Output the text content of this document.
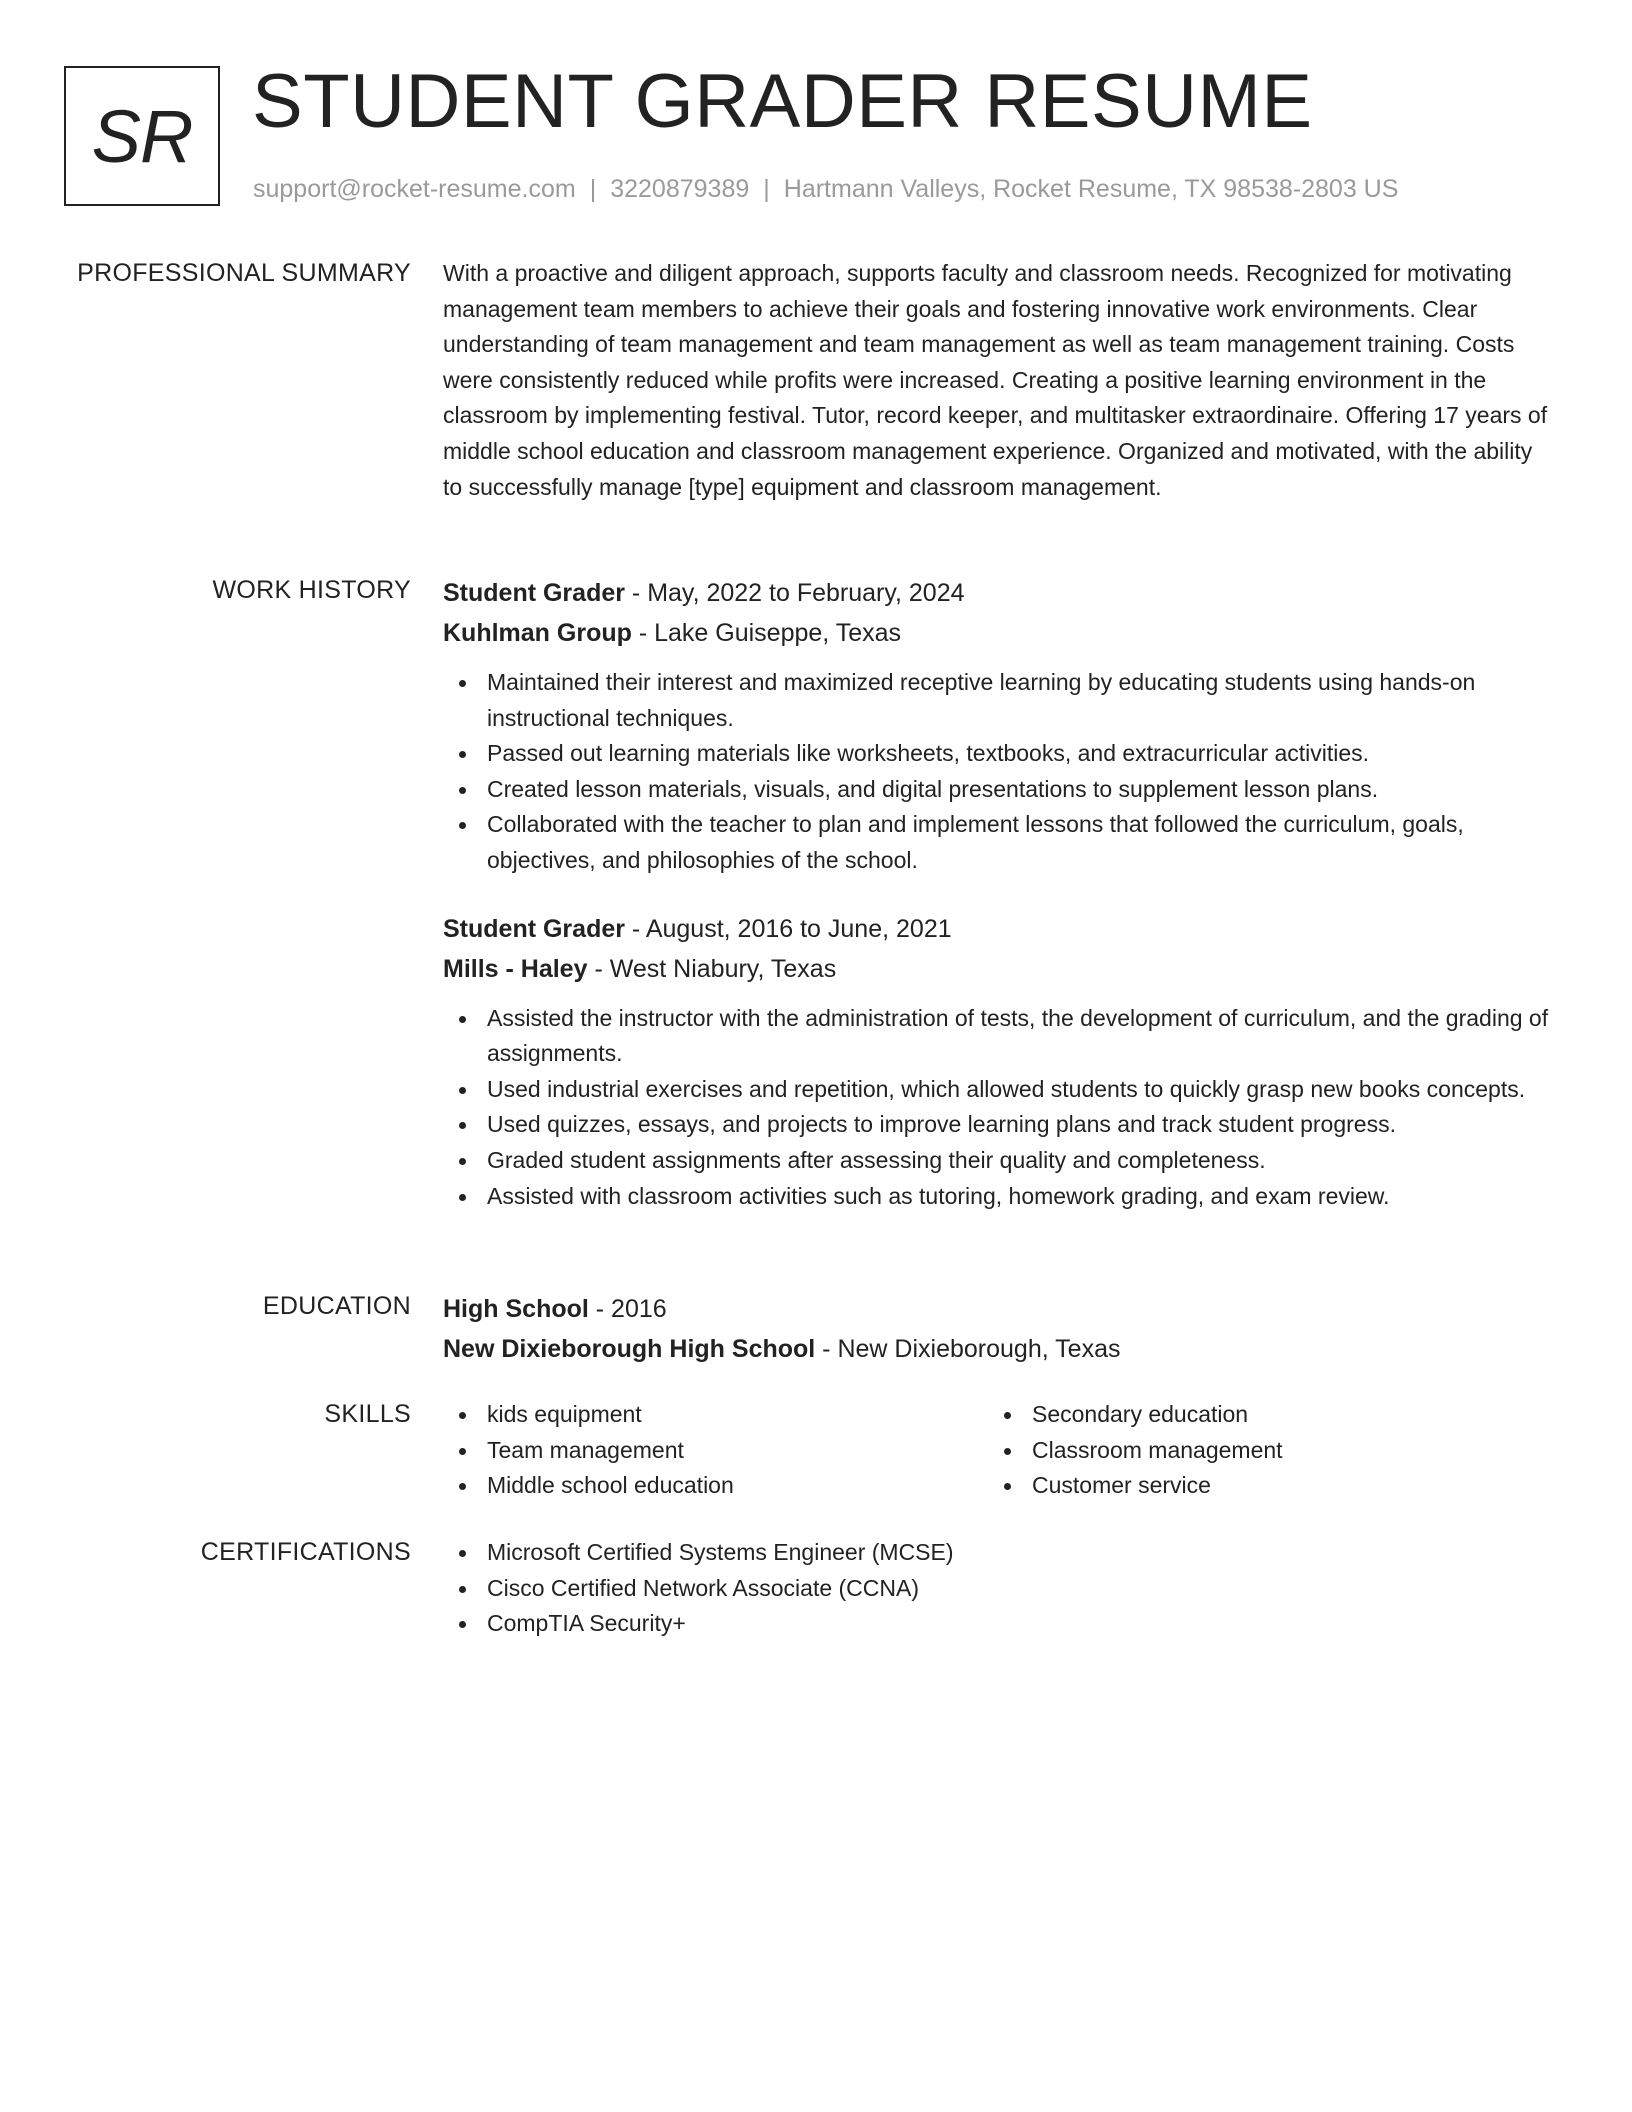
SR STUDENT GRADER RESUME
support@rocket-resume.com | 3220879389 | Hartmann Valleys, Rocket Resume, TX 98538-2803 US
PROFESSIONAL SUMMARY With a proactive and diligent approach, supports faculty and classroom needs. Recognized for motivating management team members to achieve their goals and fostering innovative work environments. Clear understanding of team management and team management as well as team management training. Costs were consistently reduced while profits were increased. Creating a positive learning environment in the classroom by implementing festival. Tutor, record keeper, and multitasker extraordinaire. Offering 17 years of middle school education and classroom management experience. Organized and motivated, with the ability to successfully manage [type] equipment and classroom management.

WORK HISTORY Student Grader - May, 2022 to February, 2024
Kuhlman Group - Lake Guiseppe, Texas
Maintained their interest and maximized receptive learning by educating students using hands-on instructional techniques.
Passed out learning materials like worksheets, textbooks, and extracurricular activities.
Created lesson materials, visuals, and digital presentations to supplement lesson plans.
Collaborated with the teacher to plan and implement lessons that followed the curriculum, goals, objectives, and philosophies of the school.
Student Grader - August, 2016 to June, 2021
Mills - Haley - West Niabury, Texas
Assisted the instructor with the administration of tests, the development of curriculum, and the grading of assignments.
Used industrial exercises and repetition, which allowed students to quickly grasp new books concepts.
Used quizzes, essays, and projects to improve learning plans and track student progress.
Graded student assignments after assessing their quality and completeness.
Assisted with classroom activities such as tutoring, homework grading, and exam review.
EDUCATION High School - 2016
New Dixieborough High School - New Dixieborough, Texas
SKILLS	kids equipment
Team management
Middle school education
Secondary education
Classroom management
Customer service
CERTIFICATIONS	Microsoft Certified Systems Engineer (MCSE)
Cisco Certified Network Associate (CCNA)
CompTIA Security+
